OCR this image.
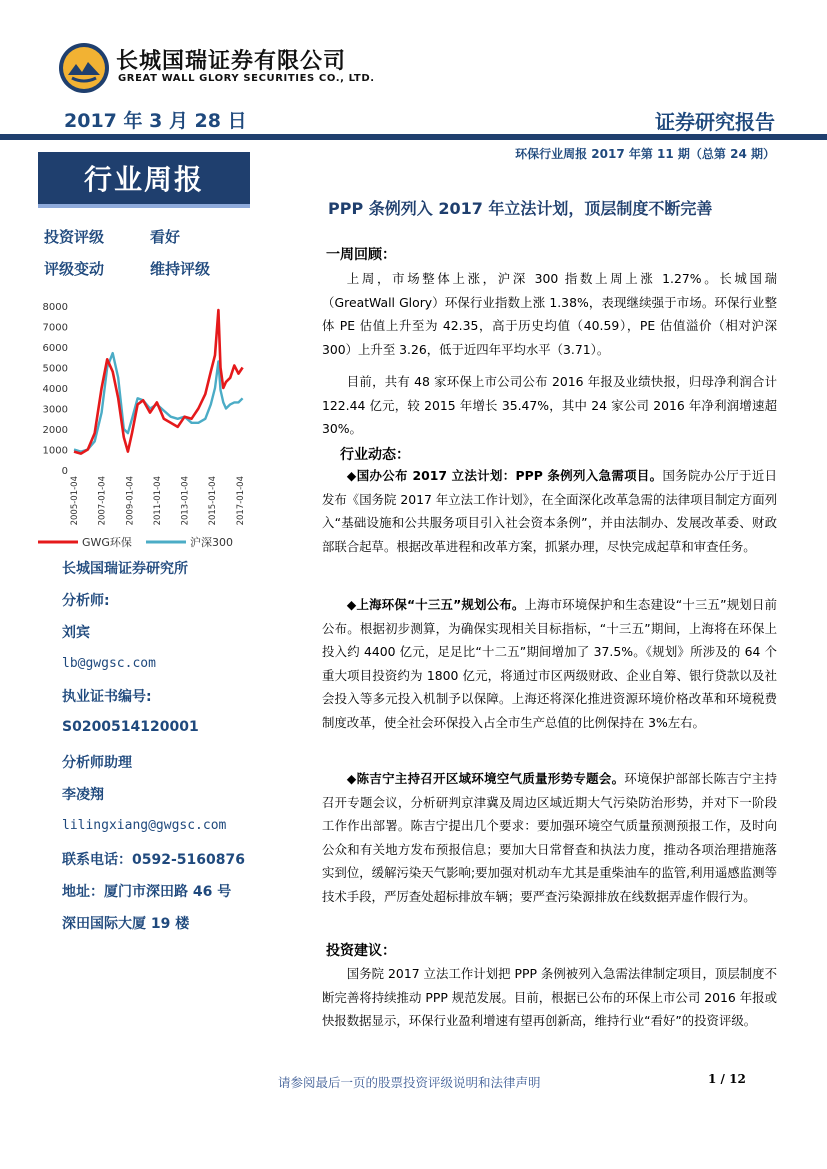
长城国瑞证券有限公司
GREAT WALL GLORY SECURITIES CO., LTD.
2017 年 3 月 28 日	证券研究报告
环保行业周报 2017 年第 11 期（总第 24 期）
行业周报
投资评级	看好
评级变动	维持评级
0
1000
2000
3000
4000
5000
6000
7000
8000
2005-01-04 2007-01-04 2009-01-04 2011-01-04 2013-01-04 2015-01-04 2017-01-04
GWG环保	沪深300
长城国瑞证券研究所
分析师:
刘宾
lb@gwgsc.com
执业证书编号:
S0200514120001
分析师助理
李凌翔
lilingxiang@gwgsc.com
联系电话：0592-5160876
地址：厦门市深田路 46 号
深田国际大厦 19 楼
PPP 条例列入 2017 年立法计划，顶层制度不断完善
一周回顾：
上周，市场整体上涨，沪深 300 指数上周上涨 1.27%。长城国瑞（GreatWall Glory）环保行业指数上涨 1.38%，表现继续强于市场。环保行业整体 PE 估值上升至为 42.35，高于历史均值（40.59），PE 估值溢价（相对沪深 300）上升至 3.26，低于近四年平均水平（3.71）。
目前，共有 48 家环保上市公司公布 2016 年报及业绩快报，归母净利润合计 122.44 亿元，较 2015 年增长 35.47%，其中 24 家公司 2016 年净利润增速超 30%。
行业动态：
◆国办公布 2017 立法计划：PPP 条例列入急需项目。国务院办公厅于近日发布《国务院 2017 年立法工作计划》，在全面深化改革急需的法律项目制定方面列入“基础设施和公共服务项目引入社会资本条例”，并由法制办、发展改革委、财政部联合起草。根据改革进程和改革方案，抓紧办理，尽快完成起草和审查任务。
◆上海环保“十三五”规划公布。上海市环境保护和生态建设“十三五”规划日前公布。根据初步测算，为确保实现相关目标指标，“十三五”期间，上海将在环保上投入约 4400 亿元，足足比“十二五”期间增加了 37.5%。《规划》所涉及的 64 个重大项目投资约为 1800 亿元，将通过市区两级财政、企业自筹、银行贷款以及社会投入等多元投入机制予以保障。上海还将深化推进资源环境价格改革和环境税费制度改革，使全社会环保投入占全市生产总值的比例保持在 3%左右。
◆陈吉宁主持召开区域环境空气质量形势专题会。环境保护部部长陈吉宁主持召开专题会议，分析研判京津冀及周边区域近期大气污染防治形势，并对下一阶段工作作出部署。陈吉宁提出几个要求：要加强环境空气质量预测预报工作，及时向公众和有关地方发布预报信息；要加大日常督查和执法力度，推动各项治理措施落实到位，缓解污染天气影响;要加强对机动车尤其是重柴油车的监管,利用遥感监测等技术手段，严厉查处超标排放车辆；要严查污染源排放在线数据弄虚作假行为。
投资建议：
国务院 2017 立法工作计划把 PPP 条例被列入急需法律制定项目，顶层制度不断完善将持续推动 PPP 规范发展。目前，根据已公布的环保上市公司 2016 年报或快报数据显示，环保行业盈利增速有望再创新高，维持行业“看好”的投资评级。
请参阅最后一页的股票投资评级说明和法律声明	1 / 12
